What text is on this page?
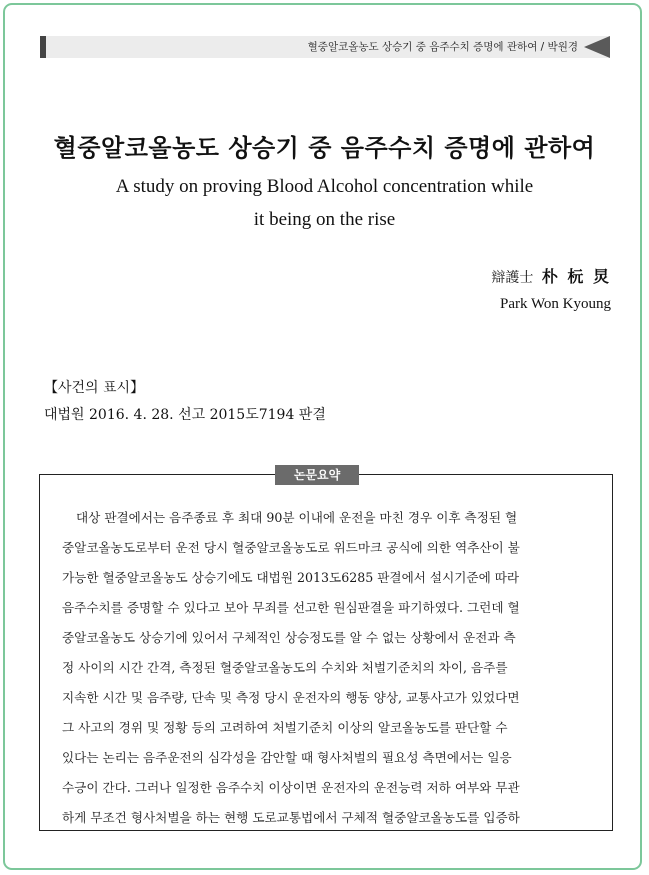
혈중알코올농도 상승기 중 음주수치 증명에 관하여 / 박원경
혈중알코올농도 상승기 중 음주수치 증명에 관하여
A study on proving Blood Alcohol concentration while
it being on the rise
辯護士 朴 杬 炅
Park Won Kyoung
【사건의 표시】
대법원 2016. 4. 28. 선고 2015도7194 판결
논문요약
대상 판결에서는 음주종료 후 최대 90분 이내에 운전을 마친 경우 이후 측정된 혈
중알코올농도로부터 운전 당시 혈중알코올농도로 위드마크 공식에 의한 역추산이 불
가능한 혈중알코올농도 상승기에도 대법원 2013도6285 판결에서 설시기준에 따라
음주수치를 증명할 수 있다고 보아 무죄를 선고한 원심판결을 파기하였다. 그런데 혈
중알코올농도 상승기에 있어서 구체적인 상승정도를 알 수 없는 상황에서 운전과 측
정 사이의 시간 간격, 측정된 혈중알코올농도의 수치와 처벌기준치의 차이, 음주를
지속한 시간 및 음주량, 단속 및 측정 당시 운전자의 행동 양상, 교통사고가 있었다면
그 사고의 경위 및 정황 등의 고려하여 처벌기준치 이상의 알코올농도를 판단할 수
있다는 논리는 음주운전의 심각성을 감안할 때 형사처벌의 필요성 측면에서는 일응
수긍이 간다. 그러나 일정한 음주수치 이상이면 운전자의 운전능력 저하 여부와 무관
하게 무조건 형사처벌을 하는 현행 도로교통법에서 구체적 혈중알코올농도를 입증하
